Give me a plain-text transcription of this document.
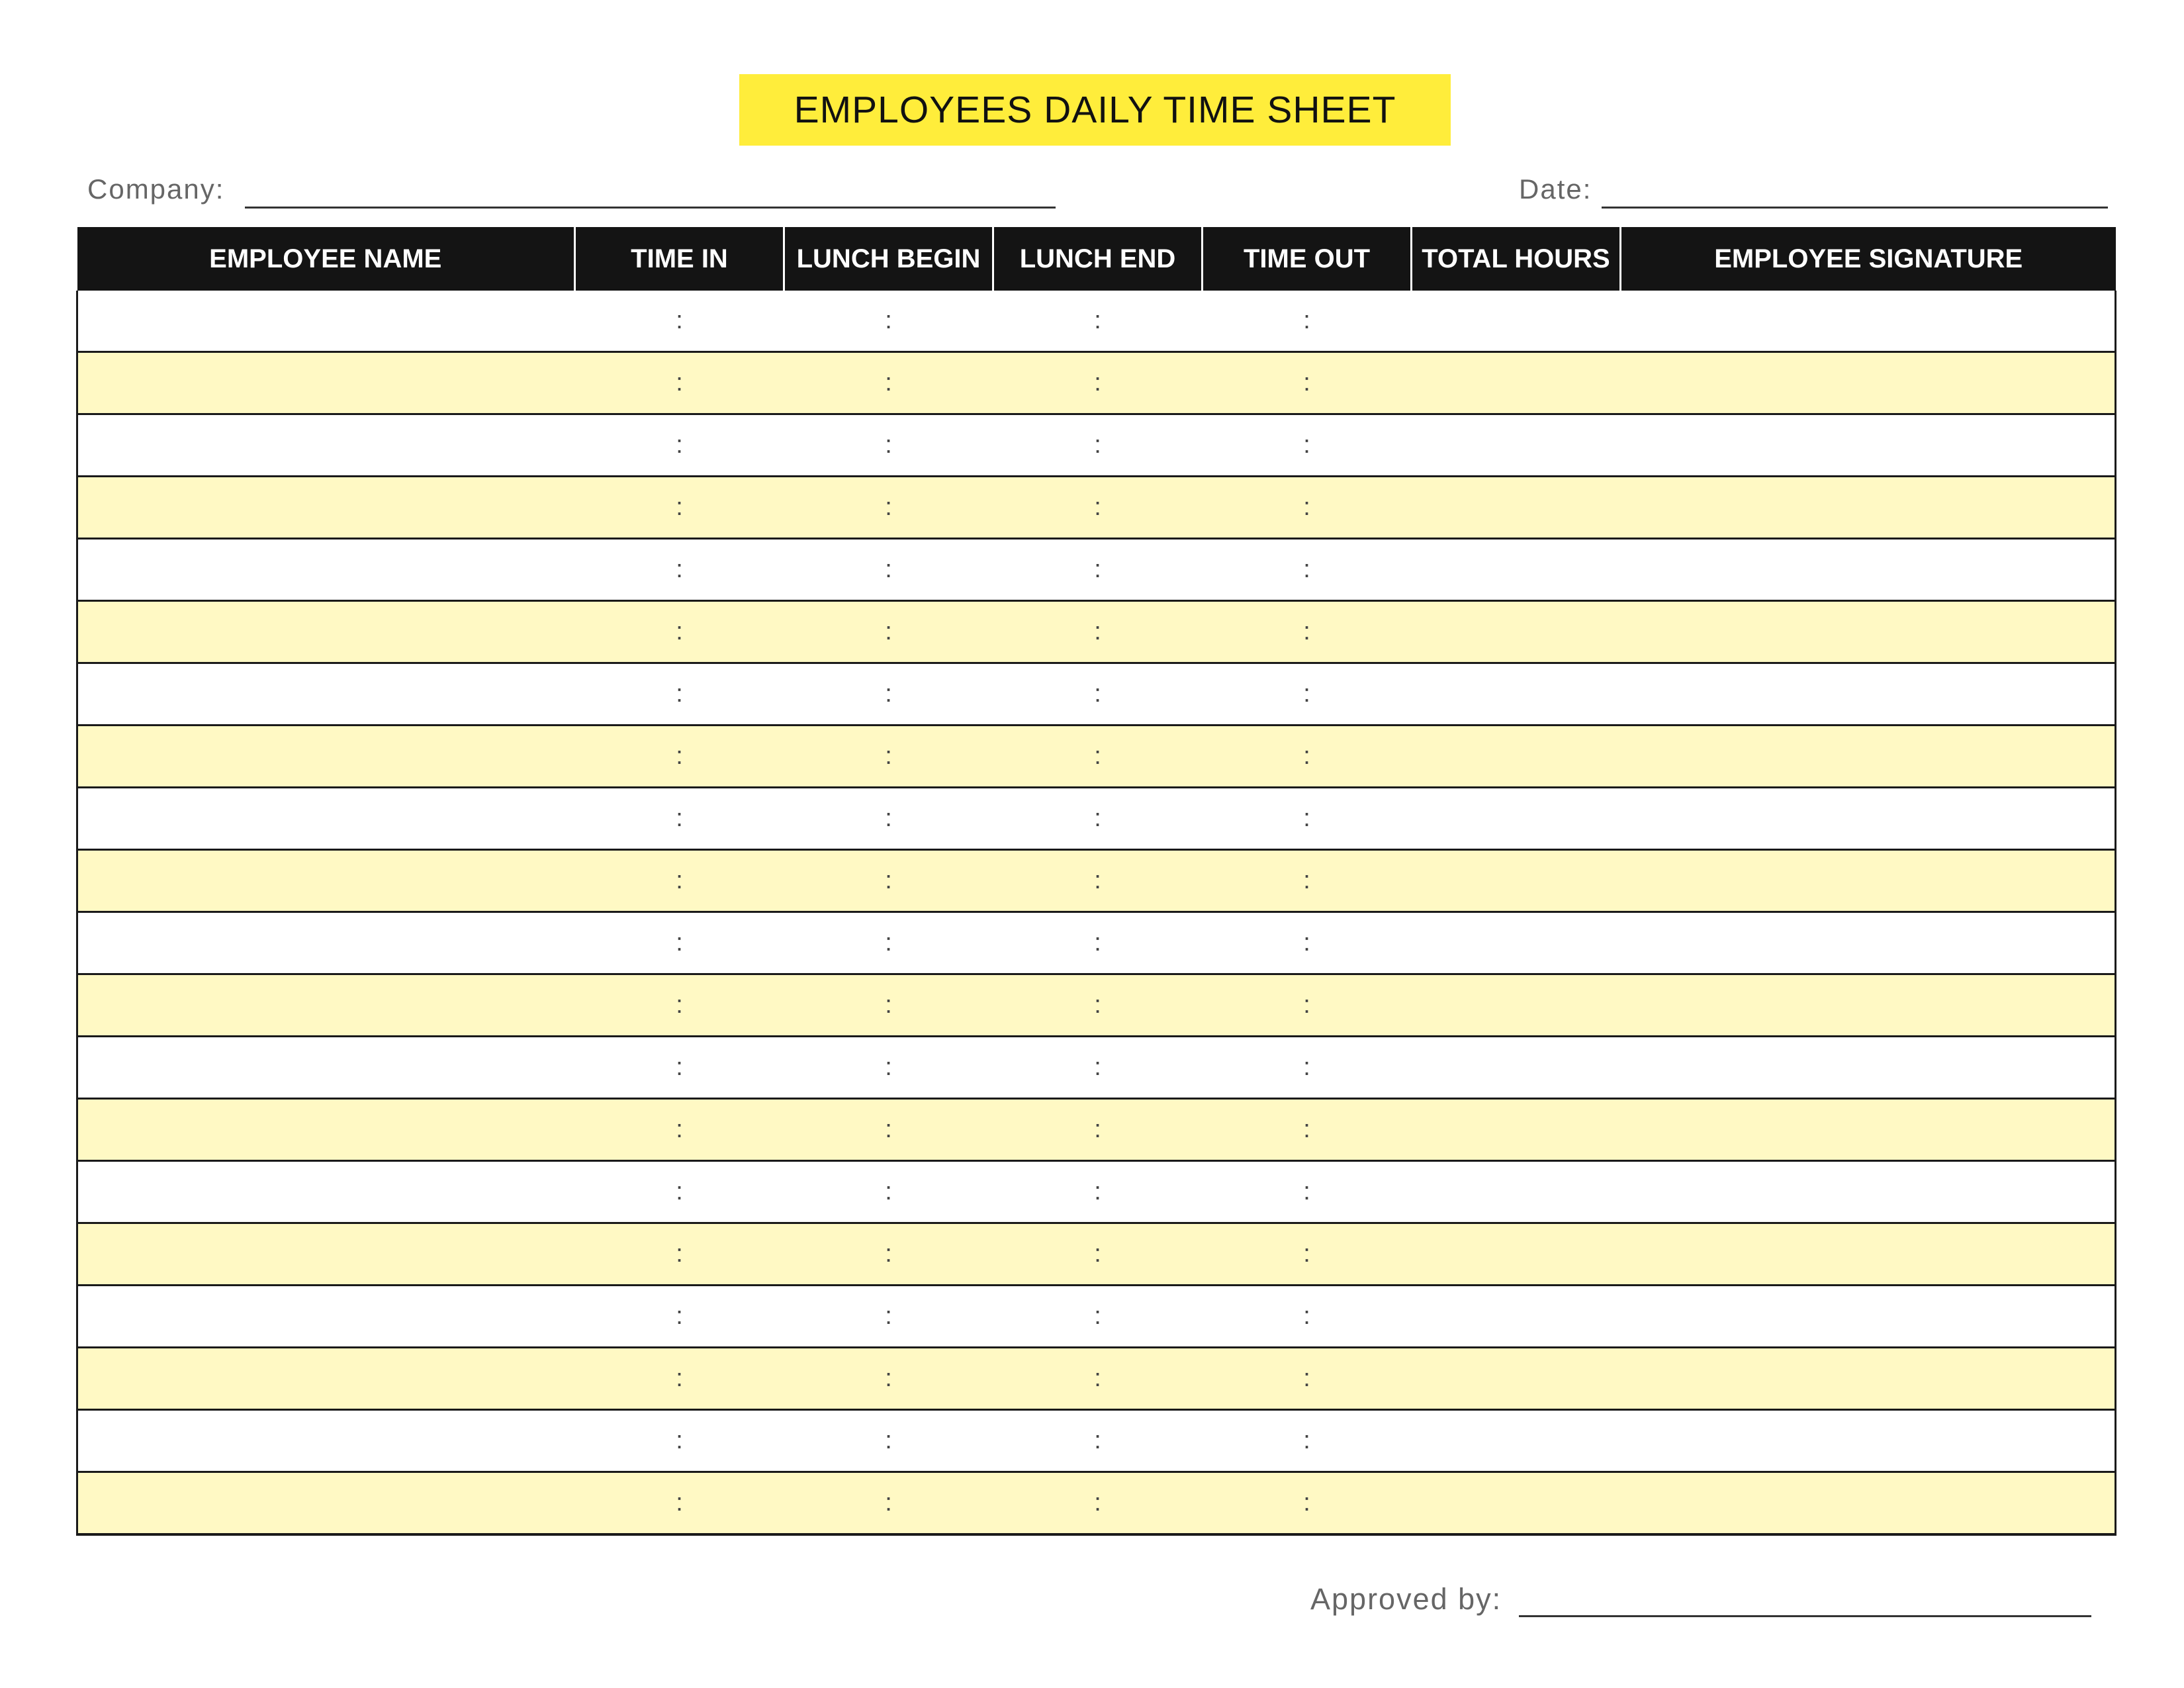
EMPLOYEES DAILY TIME SHEET
Company:	Date:
EMPLOYEE NAME	TIME IN	LUNCH BEGIN	LUNCH END	TIME OUT	TOTAL HOURS	EMPLOYEE SIGNATURE
	:	:	:	:		
	:	:	:	:		
	:	:	:	:		
	:	:	:	:		
	:	:	:	:		
	:	:	:	:		
	:	:	:	:		
	:	:	:	:		
	:	:	:	:		
	:	:	:	:		
	:	:	:	:		
	:	:	:	:		
	:	:	:	:		
	:	:	:	:		
	:	:	:	:		
	:	:	:	:		
	:	:	:	:		
	:	:	:	:		
	:	:	:	:		
	:	:	:	:		
Approved by:
